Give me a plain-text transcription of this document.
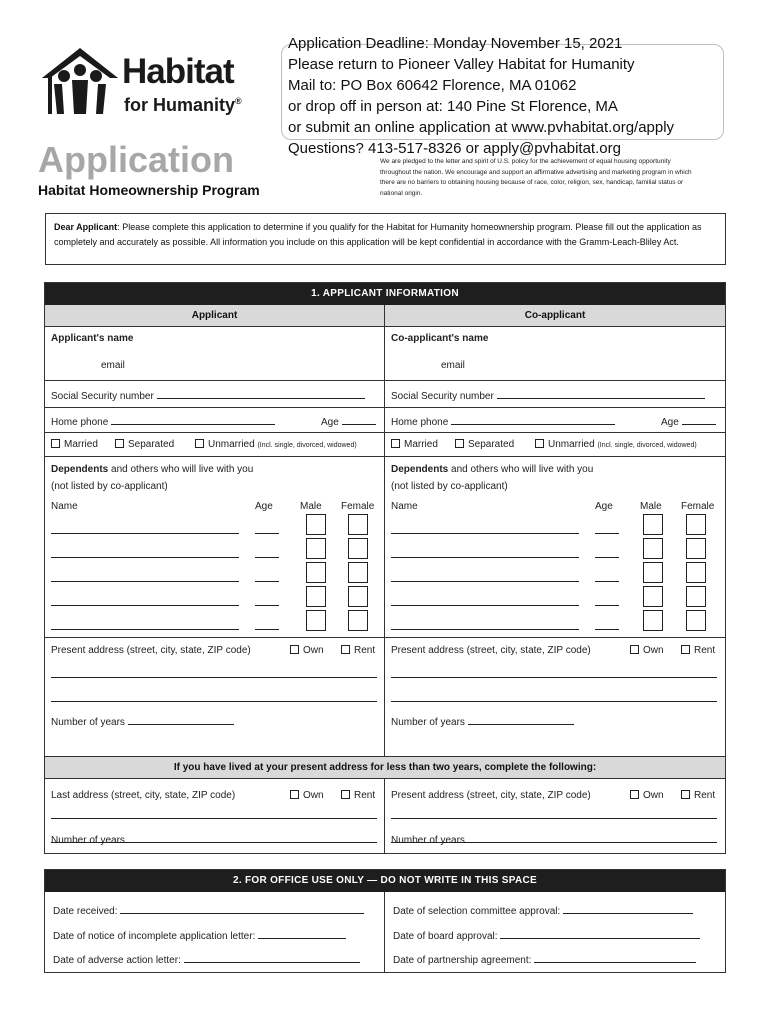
Habitat
for Humanity®
Application
Habitat Homeownership Program
Application Deadline: Monday November 15, 2021
Please return to Pioneer Valley Habitat for Humanity
Mail to: PO Box 60642 Florence, MA 01062
or drop off in person at: 140 Pine St Florence, MA
or submit an online application at www.pvhabitat.org/apply
Questions? 413-517-8326 or apply@pvhabitat.org
We are pledged to the letter and spirit of U.S. policy for the achievement of equal housing opportunity throughout the nation. We encourage and support an affirmative advertising and marketing program in which there are no barriers to obtaining housing because of race, color, religion, sex, handicap, familial status or national origin.
Dear Applicant: Please complete this application to determine if you qualify for the Habitat for Humanity homeownership program. Please fill out the application as completely and accurately as possible. All information you include on this application will be kept confidential in accordance with the Gramm-Leach-Bliley Act.
1. APPLICANT INFORMATION
Applicant
Applicant's name
email
Social Security number
Home phone	Age
Married	Separated	Unmarried (Incl. single, divorced, widowed)
Dependents and others who will live with you
(not listed by co-applicant)
Name	Age	Male Female
Present address (street, city, state, ZIP code)	Own	Rent
Number of years
Last address (street, city, state, ZIP code)	Own	Rent
Number of years
Co-applicant
Co-applicant's name
email
Social Security number
Home phone	Age
Married	Separated	Unmarried (Incl. single, divorced, widowed)
Dependents and others who will live with you
(not listed by co-applicant)
Name	Age	Male Female
Present address (street, city, state, ZIP code)	Own	Rent
Number of years
Present address (street, city, state, ZIP code)	Own	Rent
Number of years
If you have lived at your present address for less than two years, complete the following:
2. FOR OFFICE USE ONLY — DO NOT WRITE IN THIS SPACE
Date received:
Date of notice of incomplete application letter:
Date of adverse action letter:
Date of selection committee approval:
Date of board approval:
Date of partnership agreement:
